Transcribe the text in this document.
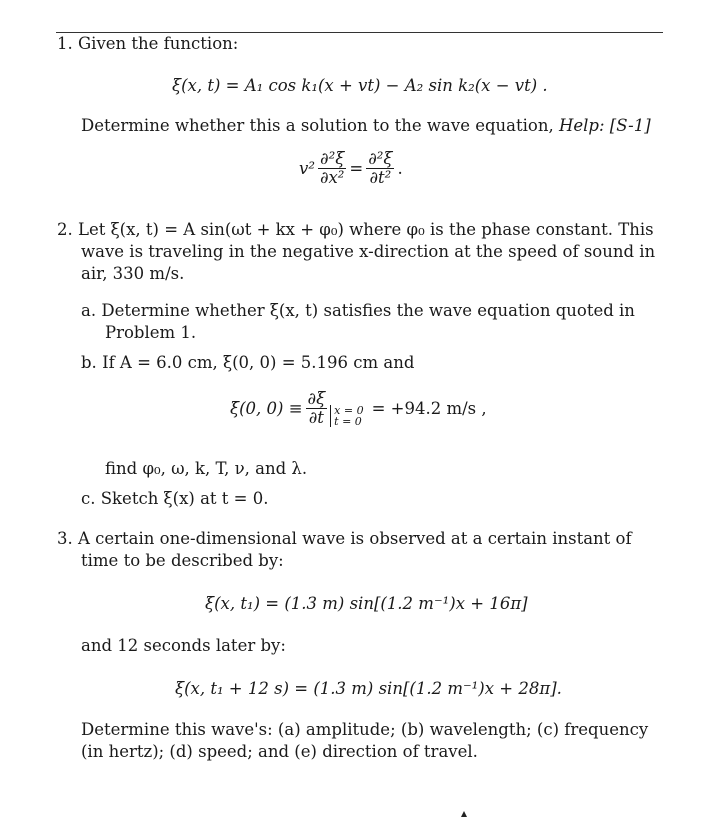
1. Given the function:
ξ(x, t) = A₁ cos k₁(x + vt) − A₂ sin k₂(x − vt) .
Determine whether this a solution to the wave equation, Help: [S-1]
$v^2 \frac{\text{∂²ξ}}{\text{∂x²}} = \frac{\text{∂²ξ}}{\text{∂t²}}$ .
2. Let ξ(x, t) = A sin(ωt + kx + φ₀) where φ₀ is the phase constant. This
wave is traveling in the negative x-direction at the speed of sound in
air, 330 m/s.
a. Determine whether ξ(x, t) satisfies the wave equation quoted in
Problem 1.
b. If A = 6.0 cm, ξ(0, 0) = 5.196 cm and
ξ̇(0, $0) \equiv \frac{\partial\xi}{\partial t}$ x = 0
t = 0
= +94.2 m/s ,
find φ₀, ω, k, T, ν, and λ.
c. Sketch ξ(x) at t = 0.
3. A certain one-dimensional wave is observed at a certain instant of
time to be described by:
ξ(x, t₁) = (1.3 m) sin[(1.2 m⁻¹)x + 16π]
and 12 seconds later by:
ξ(x, t₁ + 12 s) = (1.3 m) sin[(1.2 m⁻¹)x + 28π].
Determine this wave's: (a) amplitude; (b) wavelength; (c) frequency
(in hertz); (d) speed; and (e) direction of travel.
